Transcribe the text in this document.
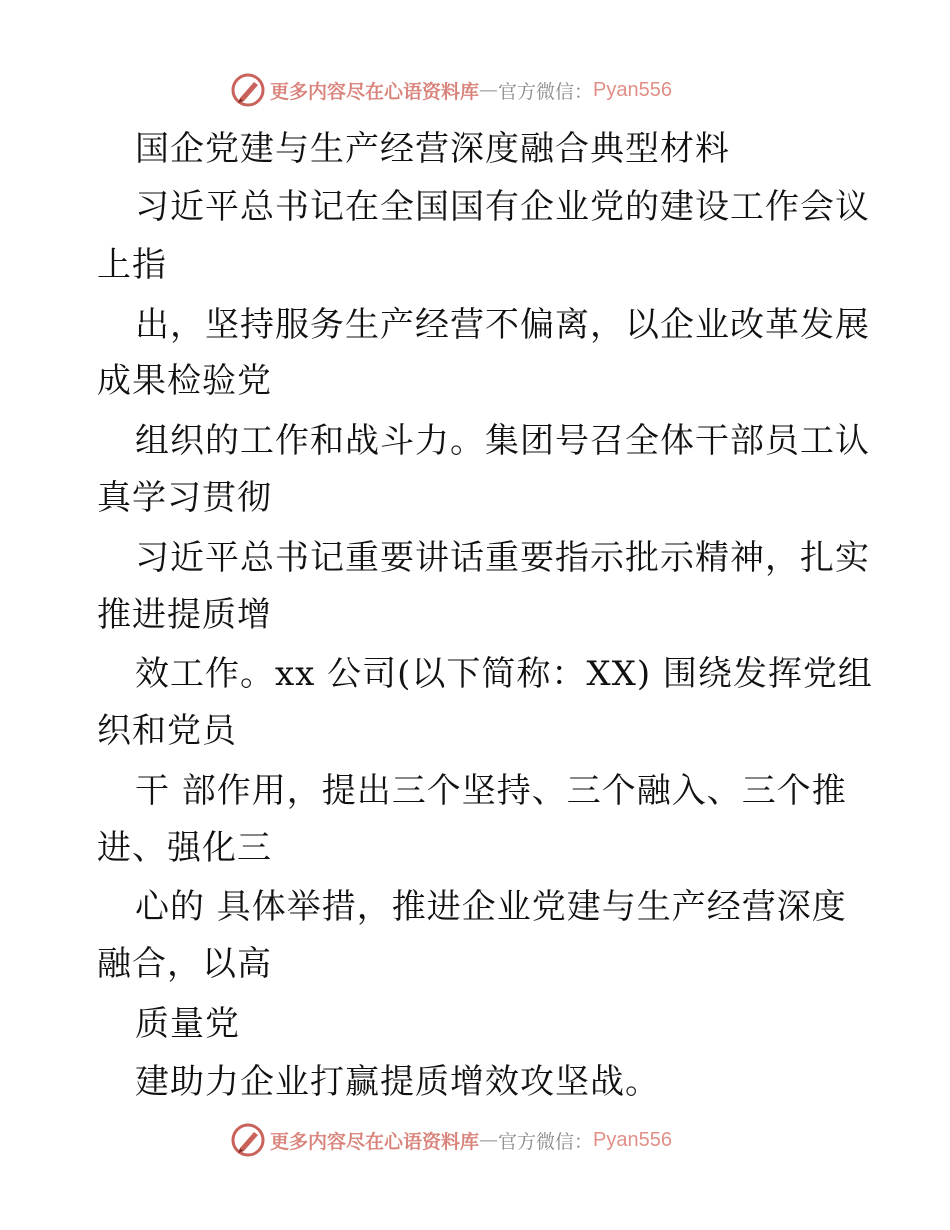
更多内容尽在心语资料库 — 官方微信： Pyan556

国企党建与生产经营深度融合典型材料

习近平总书记在全国国有企业党的建设工作会议

上指

出，坚持服务生产经营不偏离，以企业改革发展

成果检验党

组织的工作和战斗力。集团号召全体干部员工认

真学习贯彻

习近平总书记重要讲话重要指示批示精神，扎实

推进提质增

效工作。xx 公司(以下简称：XX) 围绕发挥党组

织和党员

干 部作用，提出三个坚持、三个融入、三个推

进、强化三

心的 具体举措，推进企业党建与生产经营深度

融合，以高

质量党

建助力企业打赢提质增效攻坚战。

更多内容尽在心语资料库 — 官方微信： Pyan556
